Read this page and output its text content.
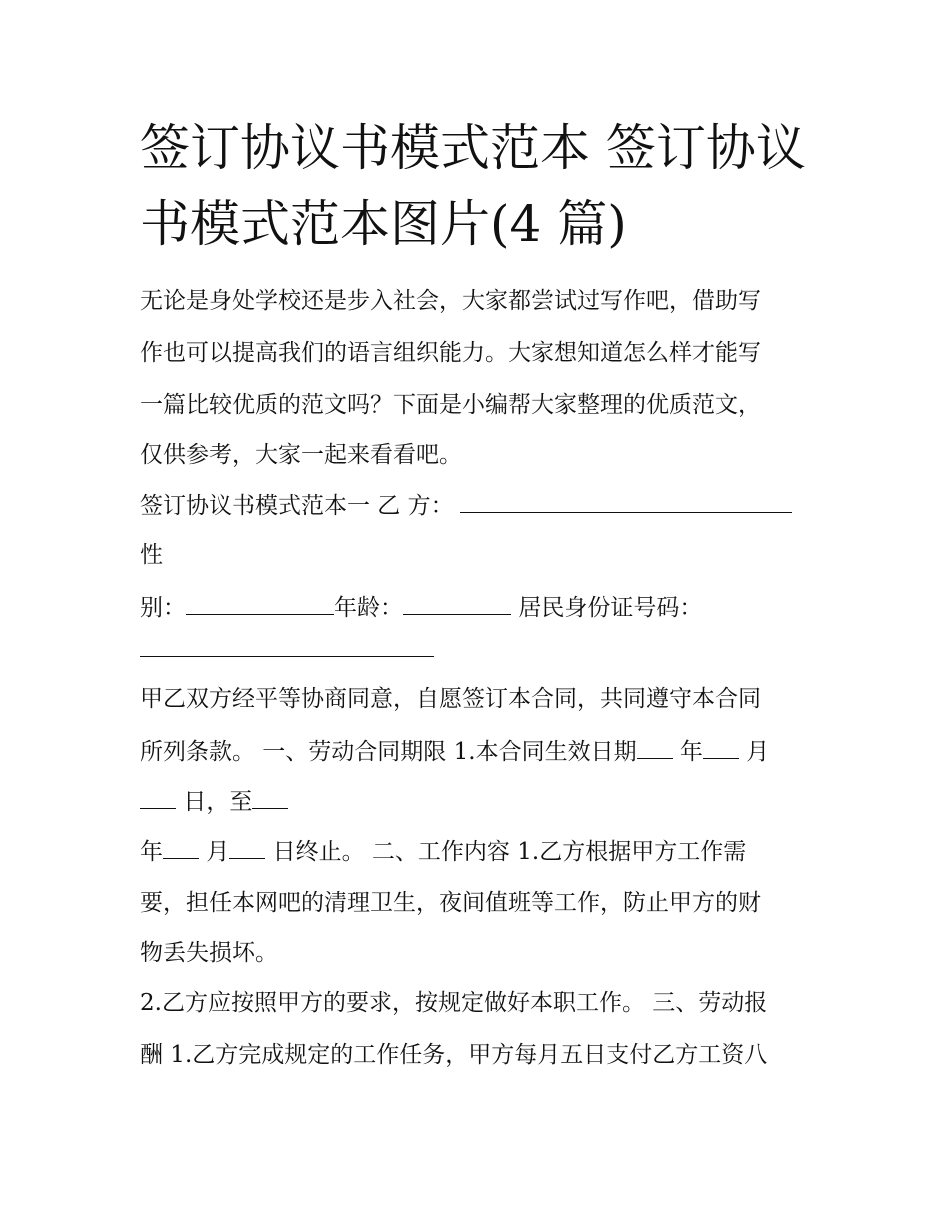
签订协议书模式范本 签订协议书模式范本图片(4 篇)
无论是身处学校还是步入社会，大家都尝试过写作吧，借助写
作也可以提高我们的语言组织能力。大家想知道怎么样才能写
一篇比较优质的范文吗？下面是小编帮大家整理的优质范文，
仅供参考，大家一起来看看吧。
签订协议书模式范本一 乙 方：
性
别：	年龄：	居民身份证号码：
甲乙双方经平等协商同意，自愿签订本合同，共同遵守本合同
所列条款。 一、劳动合同期限 1.本合同生效日期 年 月
日，至
年 月 日终止。 二、工作内容 1.乙方根据甲方工作需
要，担任本网吧的清理卫生，夜间值班等工作，防止甲方的财
物丢失损坏。
2.乙方应按照甲方的要求，按规定做好本职工作。 三、劳动报
酬 1.乙方完成规定的工作任务，甲方每月五日支付乙方工资八
